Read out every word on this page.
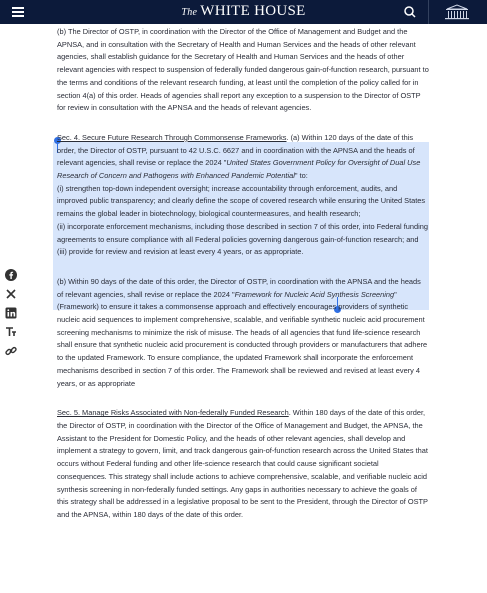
The WHITE HOUSE

(b) The Director of OSTP, in coordination with the Director of the Office of Management and Budget and the APNSA, and in consultation with the Secretary of Health and Human Services and the heads of other relevant agencies, shall establish guidance for the Secretary of Health and Human Services and the heads of other relevant agencies with respect to suspension of federally funded dangerous gain-of-function research, pursuant to the terms and conditions of the relevant research funding, at least until the completion of the policy called for in section 4(a) of this order. Heads of agencies shall report any exception to a suspension to the Director of OSTP for review in consultation with the APNSA and the heads of relevant agencies.

Sec. 4. Secure Future Research Through Commonsense Frameworks. (a) Within 120 days of the date of this order, the Director of OSTP, pursuant to 42 U.S.C. 6627 and in coordination with the APNSA and the heads of relevant agencies, shall revise or replace the 2024 "United States Government Policy for Oversight of Dual Use Research of Concern and Pathogens with Enhanced Pandemic Potential" to:

(i) strengthen top-down independent oversight; increase accountability through enforcement, audits, and improved public transparency; and clearly define the scope of covered research while ensuring the United States remains the global leader in biotechnology, biological countermeasures, and health research;

(ii) incorporate enforcement mechanisms, including those described in section 7 of this order, into Federal funding agreements to ensure compliance with all Federal policies governing dangerous gain-of-function research; and

(iii) provide for review and revision at least every 4 years, or as appropriate.

(b) Within 90 days of the date of this order, the Director of OSTP, in coordination with the APNSA and the heads of relevant agencies, shall revise or replace the 2024 "Framework for Nucleic Acid Synthesis Screening" (Framework) to ensure it takes a commonsense approach and effectively encourages providers of synthetic nucleic acid sequences to implement comprehensive, scalable, and verifiable synthetic nucleic acid procurement screening mechanisms to minimize the risk of misuse. The heads of all agencies that fund life-science research shall ensure that synthetic nucleic acid procurement is conducted through providers or manufacturers that adhere to the updated Framework. To ensure compliance, the updated Framework shall incorporate the enforcement mechanisms described in section 7 of this order. The Framework shall be reviewed and revised at least every 4 years, or as appropriate

Sec. 5. Manage Risks Associated with Non-federally Funded Research. Within 180 days of the date of this order, the Director of OSTP, in coordination with the Director of the Office of Management and Budget, the APNSA, the Assistant to the President for Domestic Policy, and the heads of other relevant agencies, shall develop and implement a strategy to govern, limit, and track dangerous gain-of-function research across the United States that occurs without Federal funding and other life-science research that could cause significant societal consequences. This strategy shall include actions to achieve comprehensive, scalable, and verifiable nucleic acid synthesis screening in non-federally funded settings. Any gaps in authorities necessary to achieve the goals of this strategy shall be addressed in a legislative proposal to be sent to the President, through the Director of OSTP and the APNSA, within 180 days of the date of this order.
